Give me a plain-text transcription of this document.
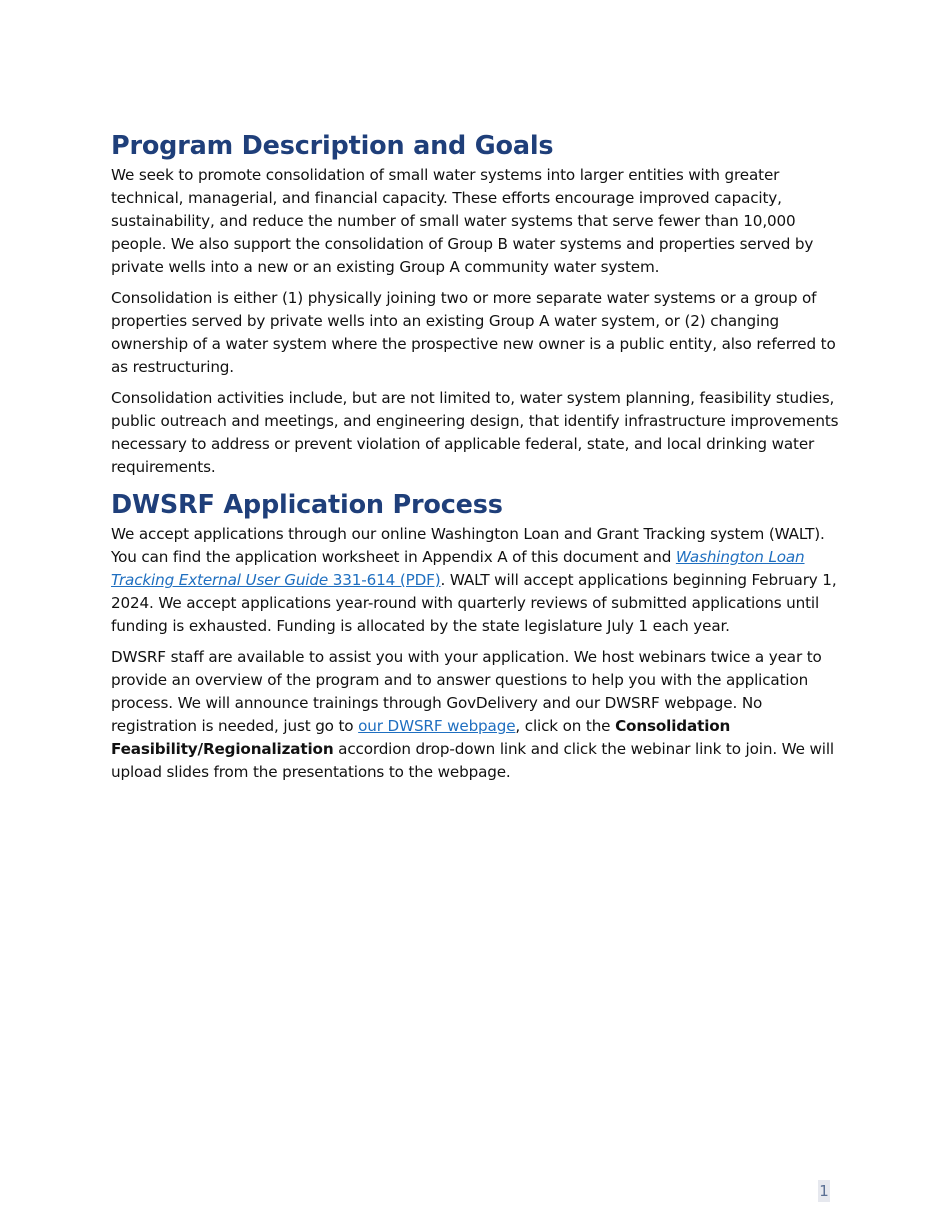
Program Description and Goals

We seek to promote consolidation of small water systems into larger entities with greater technical, managerial, and financial capacity. These efforts encourage improved capacity, sustainability, and reduce the number of small water systems that serve fewer than 10,000 people. We also support the consolidation of Group B water systems and properties served by private wells into a new or an existing Group A community water system.

Consolidation is either (1) physically joining two or more separate water systems or a group of properties served by private wells into an existing Group A water system, or (2) changing ownership of a water system where the prospective new owner is a public entity, also referred to as restructuring.

Consolidation activities include, but are not limited to, water system planning, feasibility studies, public outreach and meetings, and engineering design, that identify infrastructure improvements necessary to address or prevent violation of applicable federal, state, and local drinking water requirements.

DWSRF Application Process

We accept applications through our online Washington Loan and Grant Tracking system (WALT). You can find the application worksheet in Appendix A of this document and Washington Loan Tracking External User Guide 331-614 (PDF). WALT will accept applications beginning February 1, 2024. We accept applications year-round with quarterly reviews of submitted applications until funding is exhausted. Funding is allocated by the state legislature July 1 each year.

DWSRF staff are available to assist you with your application. We host webinars twice a year to provide an overview of the program and to answer questions to help you with the application process. We will announce trainings through GovDelivery and our DWSRF webpage. No registration is needed, just go to our DWSRF webpage, click on the Consolidation Feasibility/Regionalization accordion drop-down link and click the webinar link to join. We will upload slides from the presentations to the webpage.

1
